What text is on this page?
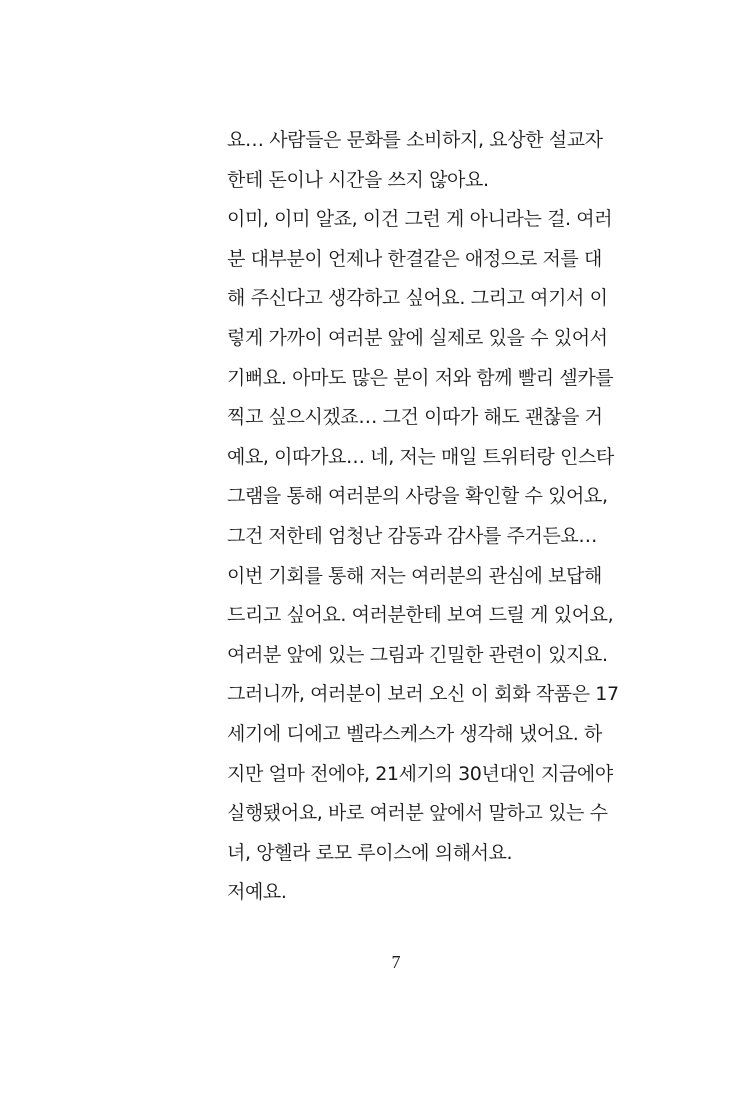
요… 사람들은 문화를 소비하지, 요상한 설교자
한테 돈이나 시간을 쓰지 않아요.
이미, 이미 알죠, 이건 그런 게 아니라는 걸. 여러
분 대부분이 언제나 한결같은 애정으로 저를 대
해 주신다고 생각하고 싶어요. 그리고 여기서 이
렇게 가까이 여러분 앞에 실제로 있을 수 있어서
기뻐요. 아마도 많은 분이 저와 함께 빨리 셀카를
찍고 싶으시겠죠… 그건 이따가 해도 괜찮을 거
예요, 이따가요… 네, 저는 매일 트위터랑 인스타
그램을 통해 여러분의 사랑을 확인할 수 있어요,
그건 저한테 엄청난 감동과 감사를 주거든요…
이번 기회를 통해 저는 여러분의 관심에 보답해
드리고 싶어요. 여러분한테 보여 드릴 게 있어요,
여러분 앞에 있는 그림과 긴밀한 관련이 있지요.
그러니까, 여러분이 보러 오신 이 회화 작품은 17
세기에 디에고 벨라스케스가 생각해 냈어요. 하
지만 얼마 전에야, 21세기의 30년대인 지금에야
실행됐어요, 바로 여러분 앞에서 말하고 있는 수
녀, 앙헬라 로모 루이스에 의해서요.
저예요.
7
